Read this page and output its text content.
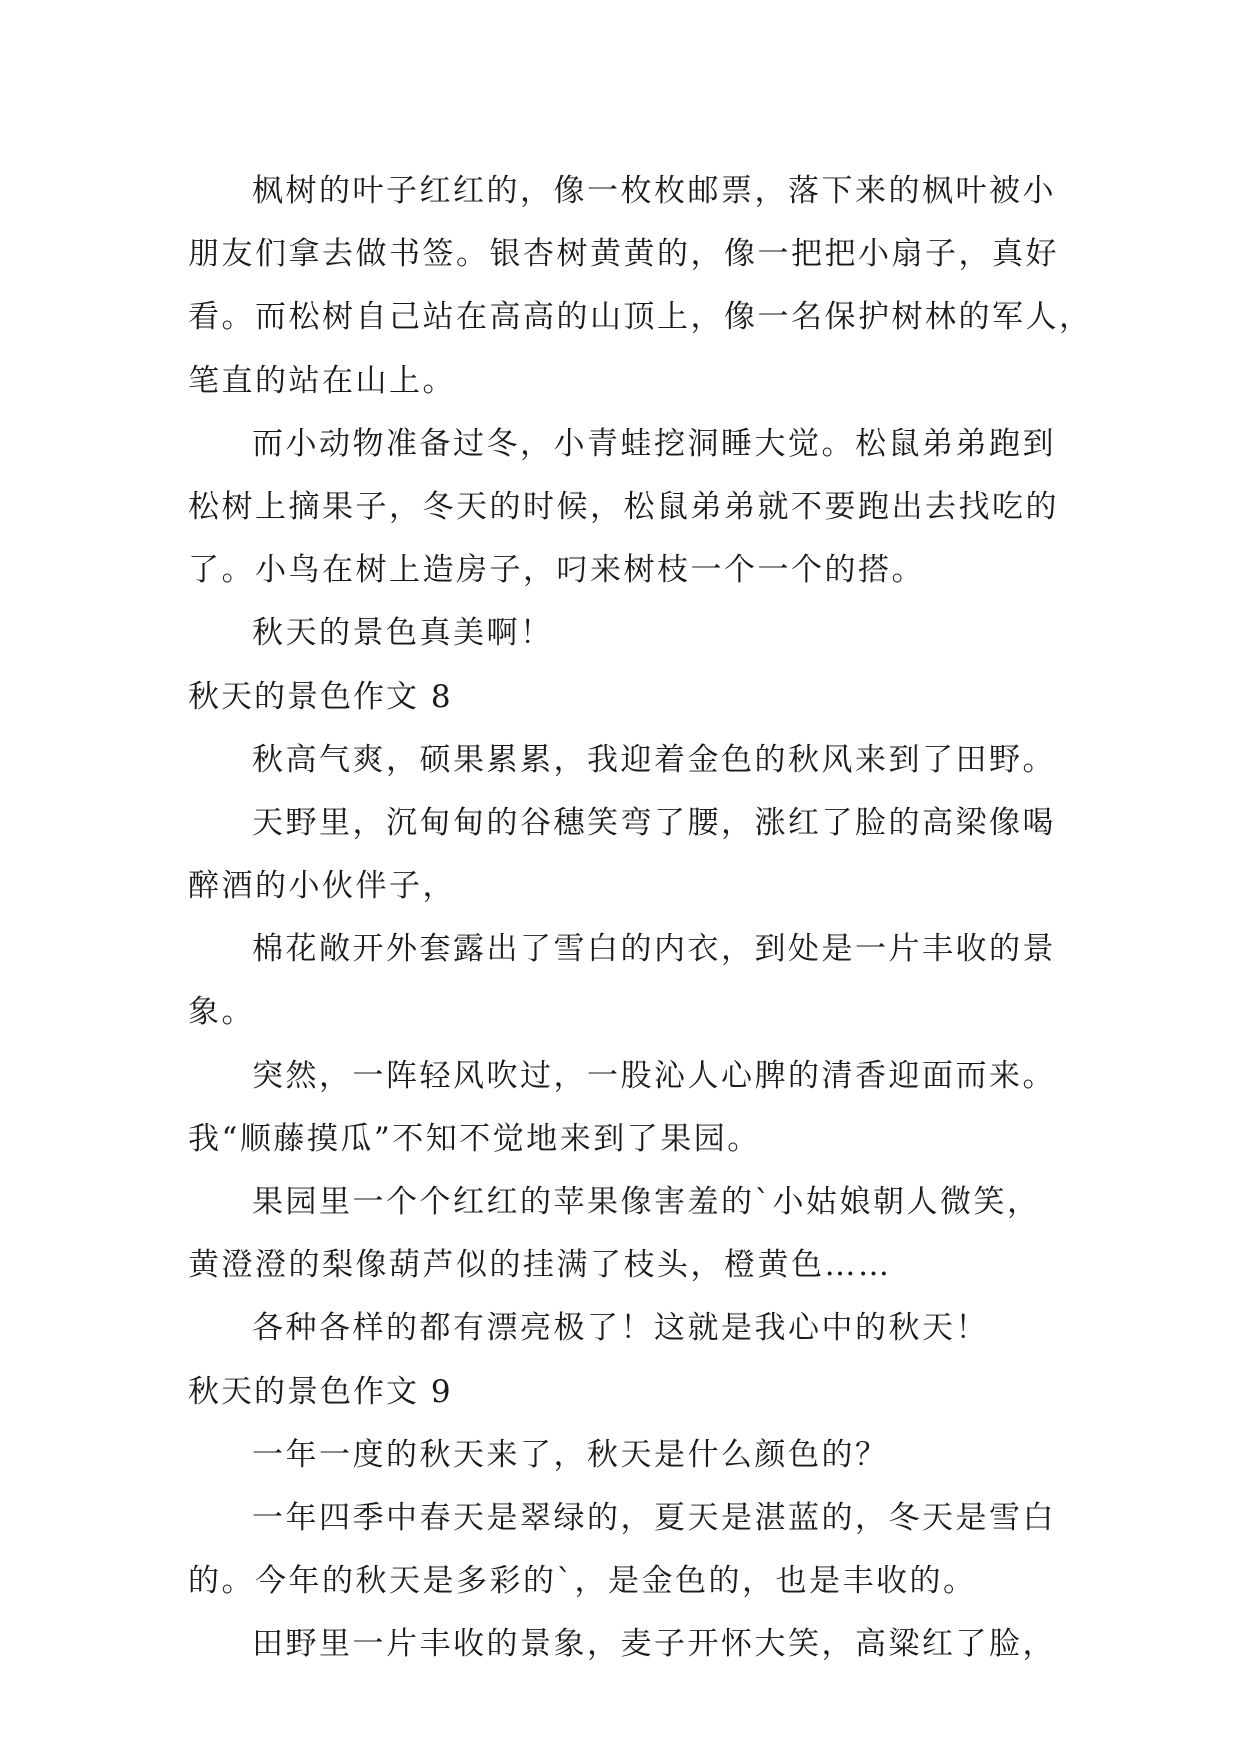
枫树的叶子红红的，像一枚枚邮票，落下来的枫叶被小
朋友们拿去做书签。银杏树黄黄的，像一把把小扇子，真好
看。而松树自己站在高高的山顶上，像一名保护树林的军人，
笔直的站在山上。
而小动物准备过冬，小青蛙挖洞睡大觉。松鼠弟弟跑到
松树上摘果子，冬天的时候，松鼠弟弟就不要跑出去找吃的
了。小鸟在树上造房子，叼来树枝一个一个的搭。
秋天的景色真美啊！
秋天的景色作文 8
秋高气爽，硕果累累，我迎着金色的秋风来到了田野。
天野里，沉甸甸的谷穗笑弯了腰，涨红了脸的高梁像喝
醉酒的小伙伴子，
棉花敞开外套露出了雪白的内衣，到处是一片丰收的景
象。
突然，一阵轻风吹过，一股沁人心脾的清香迎面而来。
我“顺藤摸瓜”不知不觉地来到了果园。
果园里一个个红红的苹果像害羞的`小姑娘朝人微笑，
黄澄澄的梨像葫芦似的挂满了枝头，橙黄色……
各种各样的都有漂亮极了！这就是我心中的秋天！
秋天的景色作文 9
一年一度的秋天来了，秋天是什么颜色的？
一年四季中春天是翠绿的，夏天是湛蓝的，冬天是雪白
的。今年的秋天是多彩的`，是金色的，也是丰收的。
田野里一片丰收的景象，麦子开怀大笑，高粱红了脸，
